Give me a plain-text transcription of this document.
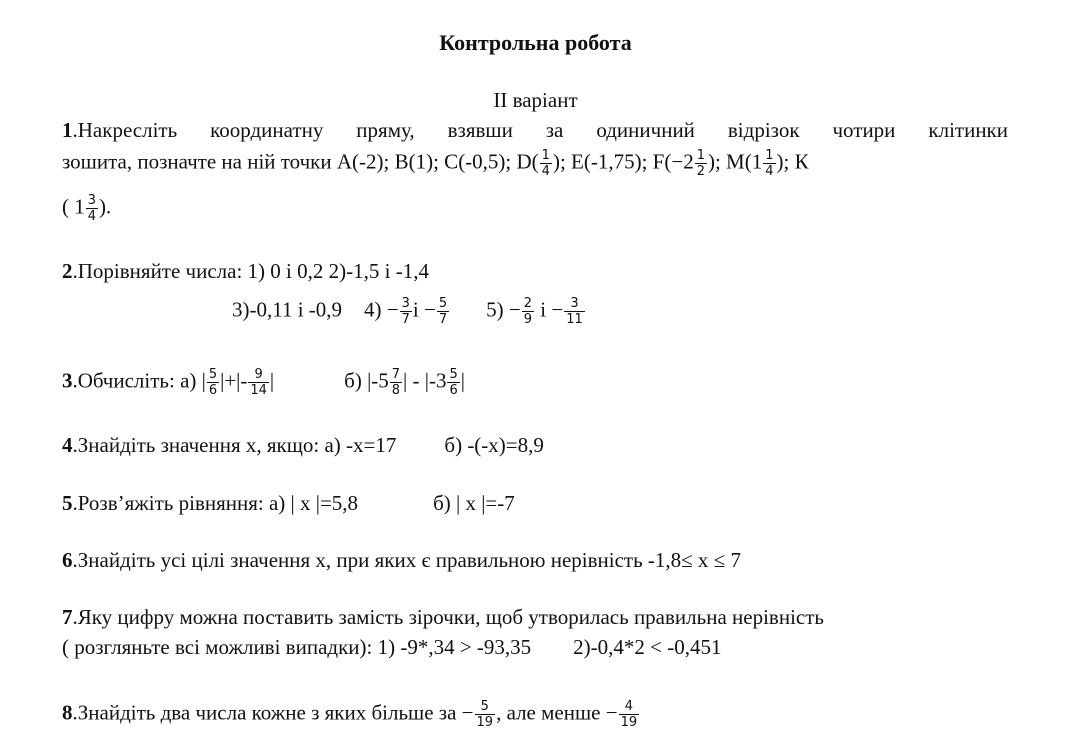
Контрольна робота
ІІ варіант
1.Накресліть координатну пряму, взявши за одиничний відрізок чотири клітинки
зошита, позначте на ній точки А(-2); В(1); С(-0,5); $D( \frac{1}{4}$ ); Е(-1,75); $F(-2 \frac{1}{2}$ ); $М(1 \frac{1}{4}$ ); К
( $1 \frac{3}{4}$ ).
2.Порівняйте числа: 1) 0 і 0,2 2)-1,5 і -1,4
3)-0,11 і -0,9 $4) - \frac{3}{7}$ $і - \frac{5}{7} 5) - \frac{2}{9}$ $і - \frac{3}{11}$
3.Обчисліть: а) | $\frac{5}{6}$ |+|- $\frac{9}{14}$ |	б) $|-5 \frac{7}{8}$ | - $|-3 \frac{5}{6}$ |
4.Знайдіть значення х, якщо: а) -х=17 б) -(-х)=8,9
5.Розв’яжіть рівняння: а) | х |=5,8	б) | х |=-7
6.Знайдіть усі цілі значення х, при яких є правильною нерівність -1,8≤ х ≤ 7
7.Яку цифру можна поставить замість зірочки, щоб утворилась правильна нерівність
( розгляньте всі можливі випадки): 1) -9*,34 > -93,35 2)-0,4*2 < -0,451
8.Знайдіть два числа кожне з яких більше за − $\frac{5}{19}$ , але менше − $\frac{4}{19}$
